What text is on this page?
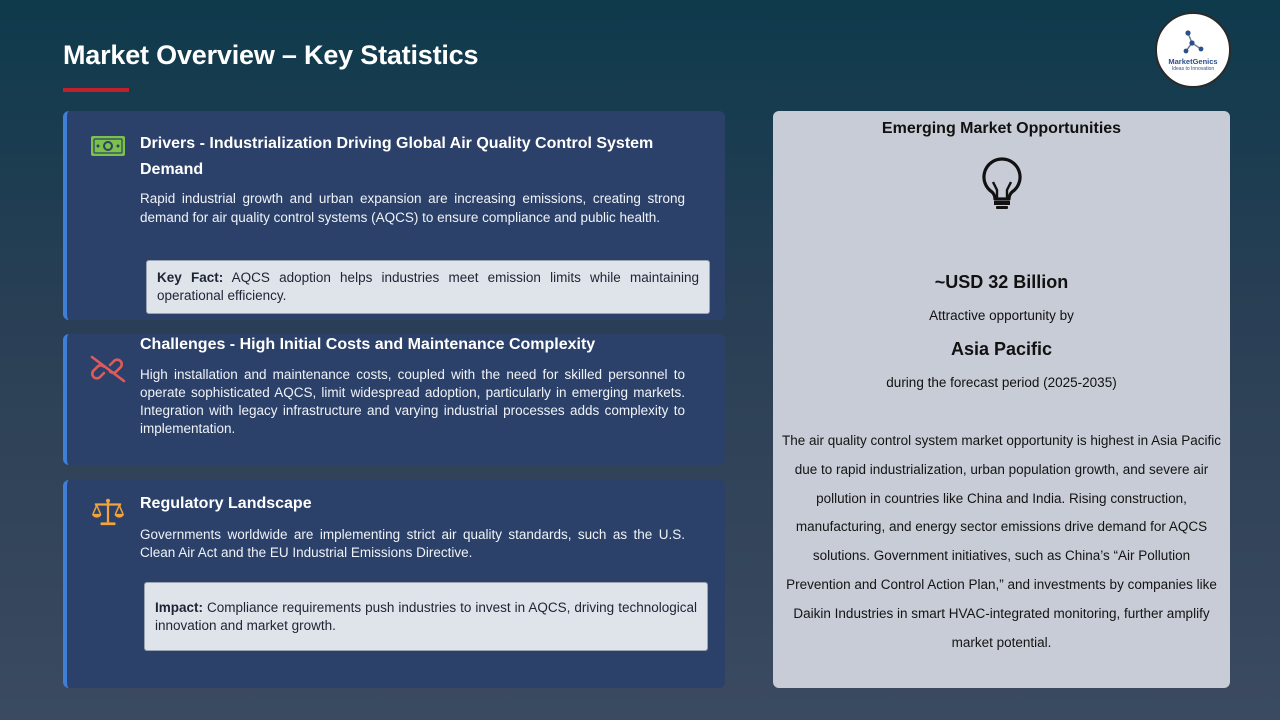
Market Overview – Key Statistics	MarketGenics
Ideas to Innovation
Drivers - Industrialization Driving Global Air Quality Control System Demand
Rapid industrial growth and urban expansion are increasing emissions, creating strong demand for air quality control systems (AQCS) to ensure compliance and public health.
Key Fact: AQCS adoption helps industries meet emission limits while maintaining operational efficiency.
Challenges - High Initial Costs and Maintenance Complexity
High installation and maintenance costs, coupled with the need for skilled personnel to operate sophisticated AQCS, limit widespread adoption, particularly in emerging markets. Integration with legacy infrastructure and varying industrial processes adds complexity to implementation.
Regulatory Landscape
Governments worldwide are implementing strict air quality standards, such as the U.S. Clean Air Act and the EU Industrial Emissions Directive.
Impact: Compliance requirements push industries to invest in AQCS, driving technological innovation and market growth.
Emerging Market Opportunities
~USD 32 Billion
Attractive opportunity by
Asia Pacific
during the forecast period (2025-2035)
The air quality control system market opportunity is highest in Asia Pacific due to rapid industrialization, urban population growth, and severe air pollution in countries like China and India. Rising construction, manufacturing, and energy sector emissions drive demand for AQCS solutions. Government initiatives, such as China’s “Air Pollution Prevention and Control Action Plan,” and investments by companies like Daikin Industries in smart HVAC-integrated monitoring, further amplify market potential.
